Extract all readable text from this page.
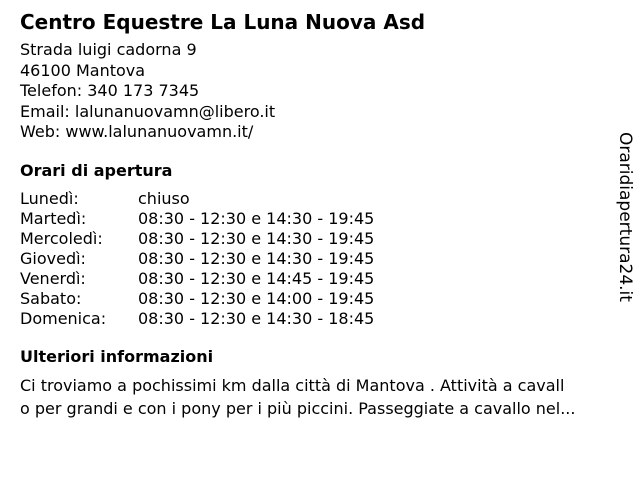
Centro Equestre La Luna Nuova Asd
Strada luigi cadorna 9
46100 Mantova
Telefon: 340 173 7345
Email: lalunanuovamn@libero.it
Web: www.lalunanuovamn.it/
Orari di apertura
Lunedì:	chiuso
Martedì:	08:30 - 12:30 e 14:30 - 19:45
Mercoledì:	08:30 - 12:30 e 14:30 - 19:45
Giovedì:	08:30 - 12:30 e 14:30 - 19:45
Venerdì:	08:30 - 12:30 e 14:45 - 19:45
Sabato:	08:30 - 12:30 e 14:00 - 19:45
Domenica:	08:30 - 12:30 e 14:30 - 18:45
Ulteriori informazioni
Ci troviamo a pochissimi km dalla città di Mantova . Attività a cavall
o per grandi e con i pony per i più piccini. Passeggiate a cavallo nel...
Oraridiapertura24.it
